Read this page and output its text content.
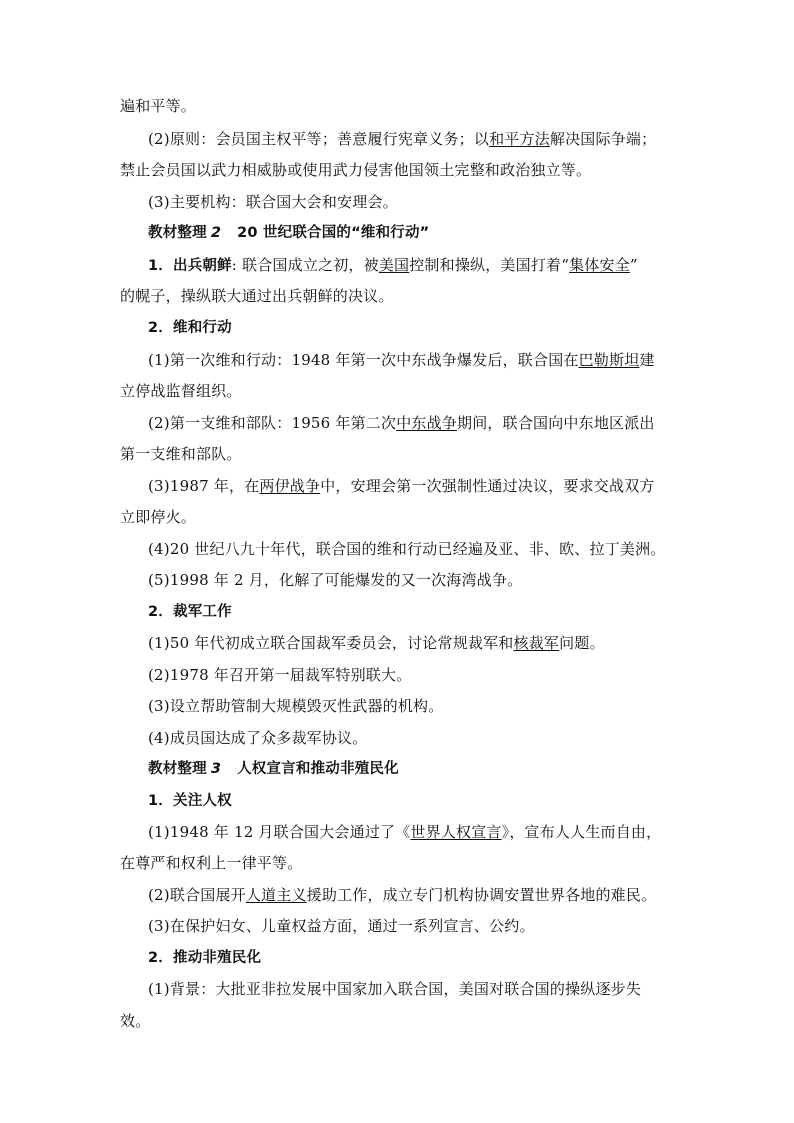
遍和平等。
(2)原则：会员国主权平等；善意履行宪章义务；以和平方法解决国际争端；
禁止会员国以武力相威胁或使用武力侵害他国领土完整和政治独立等。
(3)主要机构：联合国大会和安理会。
教材整理 2 20 世纪联合国的“维和行动”
1．出兵朝鲜: 联合国成立之初，被美国控制和操纵，美国打着“集体安全”
的幌子，操纵联大通过出兵朝鲜的决议。
2．维和行动
(1)第一次维和行动：1948 年第一次中东战争爆发后，联合国在巴勒斯坦建
立停战监督组织。
(2)第一支维和部队：1956 年第二次中东战争期间，联合国向中东地区派出
第一支维和部队。
(3)1987 年，在两伊战争中，安理会第一次强制性通过决议，要求交战双方
立即停火。
(4)20 世纪八九十年代，联合国的维和行动已经遍及亚、非、欧、拉丁美洲。
(5)1998 年 2 月，化解了可能爆发的又一次海湾战争。
2．裁军工作
(1)50 年代初成立联合国裁军委员会，讨论常规裁军和核裁军问题。
(2)1978 年召开第一届裁军特别联大。
(3)设立帮助管制大规模毁灭性武器的机构。
(4)成员国达成了众多裁军协议。
教材整理 3 人权宣言和推动非殖民化
1．关注人权
(1)1948 年 12 月联合国大会通过了《世界人权宣言》，宣布人人生而自由，
在尊严和权利上一律平等。
(2)联合国展开人道主义援助工作，成立专门机构协调安置世界各地的难民。
(3)在保护妇女、儿童权益方面，通过一系列宣言、公约。
2．推动非殖民化
(1)背景：大批亚非拉发展中国家加入联合国，美国对联合国的操纵逐步失
效。
